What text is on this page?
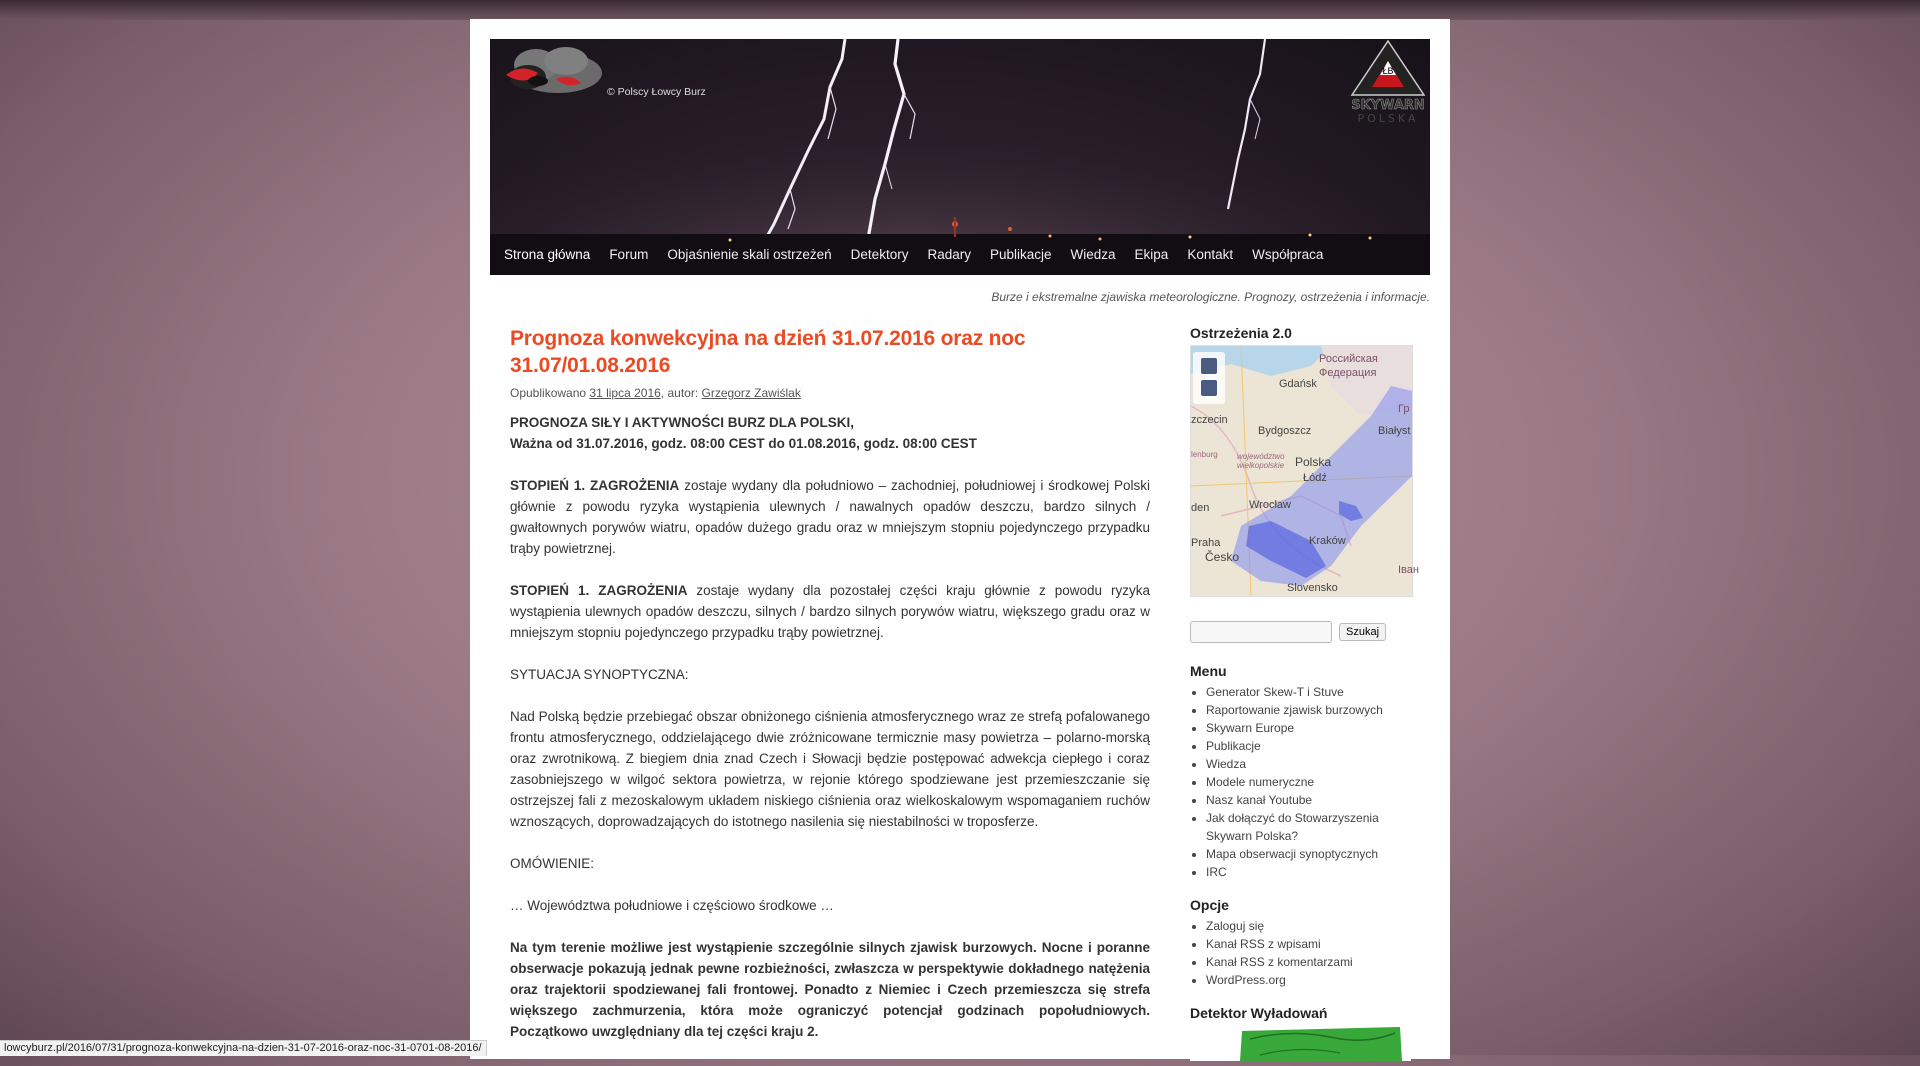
© Polscy Łowcy Burz
ŁB
SKYWARN
POLSKA
Strona główna Forum Objaśnienie skali ostrzeżeń Detektory Radary Publikacje Wiedza Ekipa Kontakt Współpraca
Burze i ekstremalne zjawiska meteorologiczne. Prognozy, ostrzeżenia i informacje.
Prognoza konwekcyjna na dzień 31.07.2016 oraz noc 31.07/01.08.2016
Opublikowano 31 lipca 2016, autor: Grzegorz Zawiślak

PROGNOZA SIŁY I AKTYWNOŚCI BURZ DLA POLSKI,
Ważna od 31.07.2016, godz. 08:00 CEST do 01.08.2016, godz. 08:00 CEST

STOPIEŃ 1. ZAGROŻENIA zostaje wydany dla południowo – zachodniej, południowej i środkowej Polski głównie z powodu ryzyka wystąpienia ulewnych / nawalnych opadów deszczu, bardzo silnych / gwałtownych porywów wiatru, opadów dużego gradu oraz w mniejszym stopniu pojedynczego przypadku trąby powietrznej.

STOPIEŃ 1. ZAGROŻENIA zostaje wydany dla pozostałej części kraju głównie z powodu ryzyka wystąpienia ulewnych opadów deszczu, silnych / bardzo silnych porywów wiatru, większego gradu oraz w mniejszym stopniu pojedynczego przypadku trąby powietrznej.

SYTUACJA SYNOPTYCZNA:

Nad Polską będzie przebiegać obszar obniżonego ciśnienia atmosferycznego wraz ze strefą pofalowanego frontu atmosferycznego, oddzielającego dwie zróżnicowane termicznie masy powietrza – polarno-morską oraz zwrotnikową. Z biegiem dnia znad Czech i Słowacji będzie postępować adwekcja ciepłego i coraz zasobniejszego w wilgoć sektora powietrza, w rejonie którego spodziewane jest przemieszczanie się ostrzejszej fali z mezoskalowym układem niskiego ciśnienia oraz wielkoskalowym wspomaganiem ruchów wznoszących, doprowadzających do istotnego nasilenia się niestabilności w troposferze.

OMÓWIENIE:

… Województwa południowe i częściowo środkowe …

Na tym terenie możliwe jest wystąpienie szczególnie silnych zjawisk burzowych. Nocne i poranne obserwacje pokazują jednak pewne rozbieżności, zwłaszcza w perspektywie dokładnego natężenia oraz trajektorii spodziewanej fali frontowej. Ponadto z Niemiec i Czech przemieszcza się strefa większego zachmurzenia, która może ograniczyć potencjał godzinach popołudniowych. Początkowo uwzględniany dla tej części kraju 2.

Ostrzeżenia 2.0
Российская
Федерация
Gdańsk
Гр
zczecin
Bydgoszcz	Białyst
lenburg województwo
wielkopolskie Polska
Łódź
den	Wrocław
Praha	Kraków
Česko
Іван
Slovensko
Szukaj
Menu
• Generator Skew-T i Stuve
• Raportowanie zjawisk burzowych
• Skywarn Europe
• Publikacje
• Wiedza
• Modele numeryczne
• Nasz kanał Youtube
• Jak dołączyć do Stowarzyszenia Skywarn Polska?
• Mapa obserwacji synoptycznych
• IRC
Opcje
• Zaloguj się
• Kanał RSS z wpisami
• Kanał RSS z komentarzami
• WordPress.org
Detektor Wyładowań
lowcyburz.pl/2016/07/31/prognoza-konwekcyjna-na-dzien-31-07-2016-oraz-noc-31-0701-08-2016/
